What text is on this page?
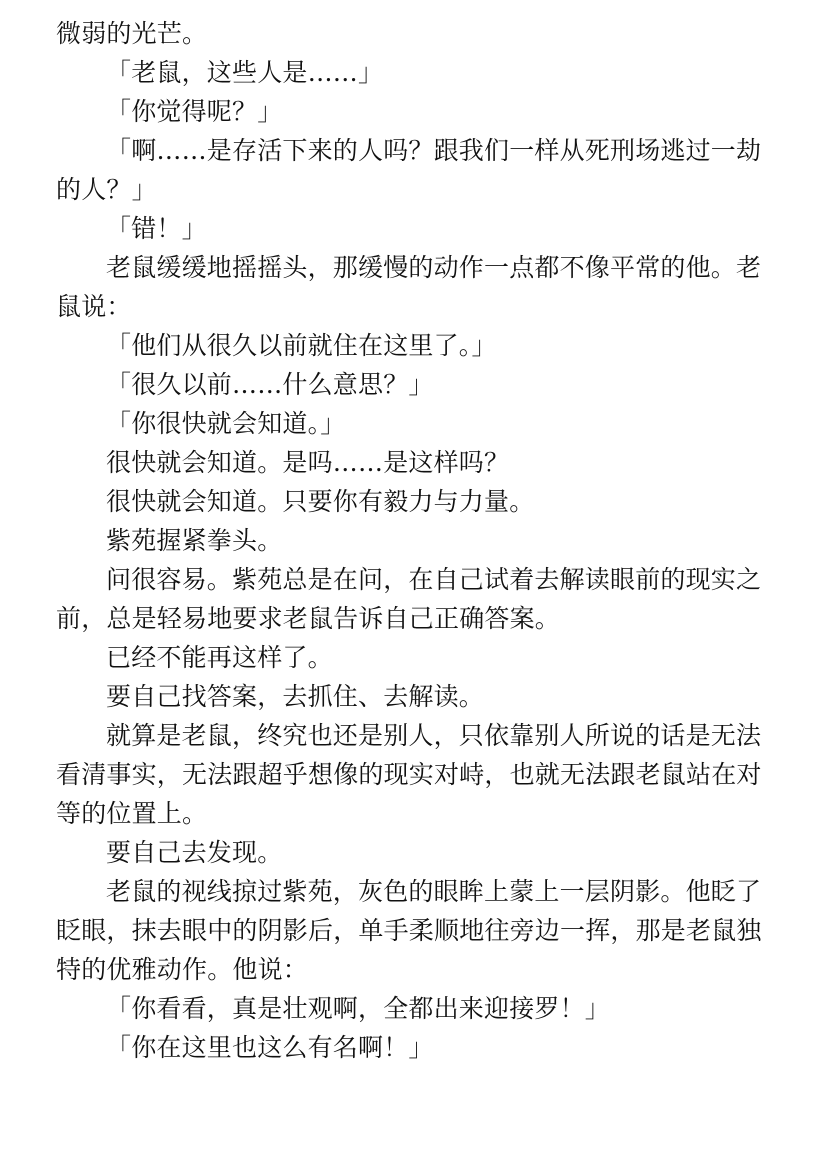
微弱的光芒。

「老鼠，这些人是……」

「你觉得呢？」

「啊……是存活下来的人吗？跟我们一样从死刑场逃过一劫的人？」

「错！」

老鼠缓缓地摇摇头，那缓慢的动作一点都不像平常的他。老鼠说：

「他们从很久以前就住在这里了。」

「很久以前……什么意思？」

「你很快就会知道。」

很快就会知道。是吗……是这样吗？

很快就会知道。只要你有毅力与力量。

紫苑握紧拳头。

问很容易。紫苑总是在问，在自己试着去解读眼前的现实之前，总是轻易地要求老鼠告诉自己正确答案。

已经不能再这样了。

要自己找答案，去抓住、去解读。

就算是老鼠，终究也还是别人，只依靠别人所说的话是无法看清事实，无法跟超乎想像的现实对峙，也就无法跟老鼠站在对等的位置上。

要自己去发现。

老鼠的视线掠过紫苑，灰色的眼眸上蒙上一层阴影。他眨了眨眼，抹去眼中的阴影后，单手柔顺地往旁边一挥，那是老鼠独特的优雅动作。他说：

「你看看，真是壮观啊，全都出来迎接罗！」

「你在这里也这么有名啊！」
